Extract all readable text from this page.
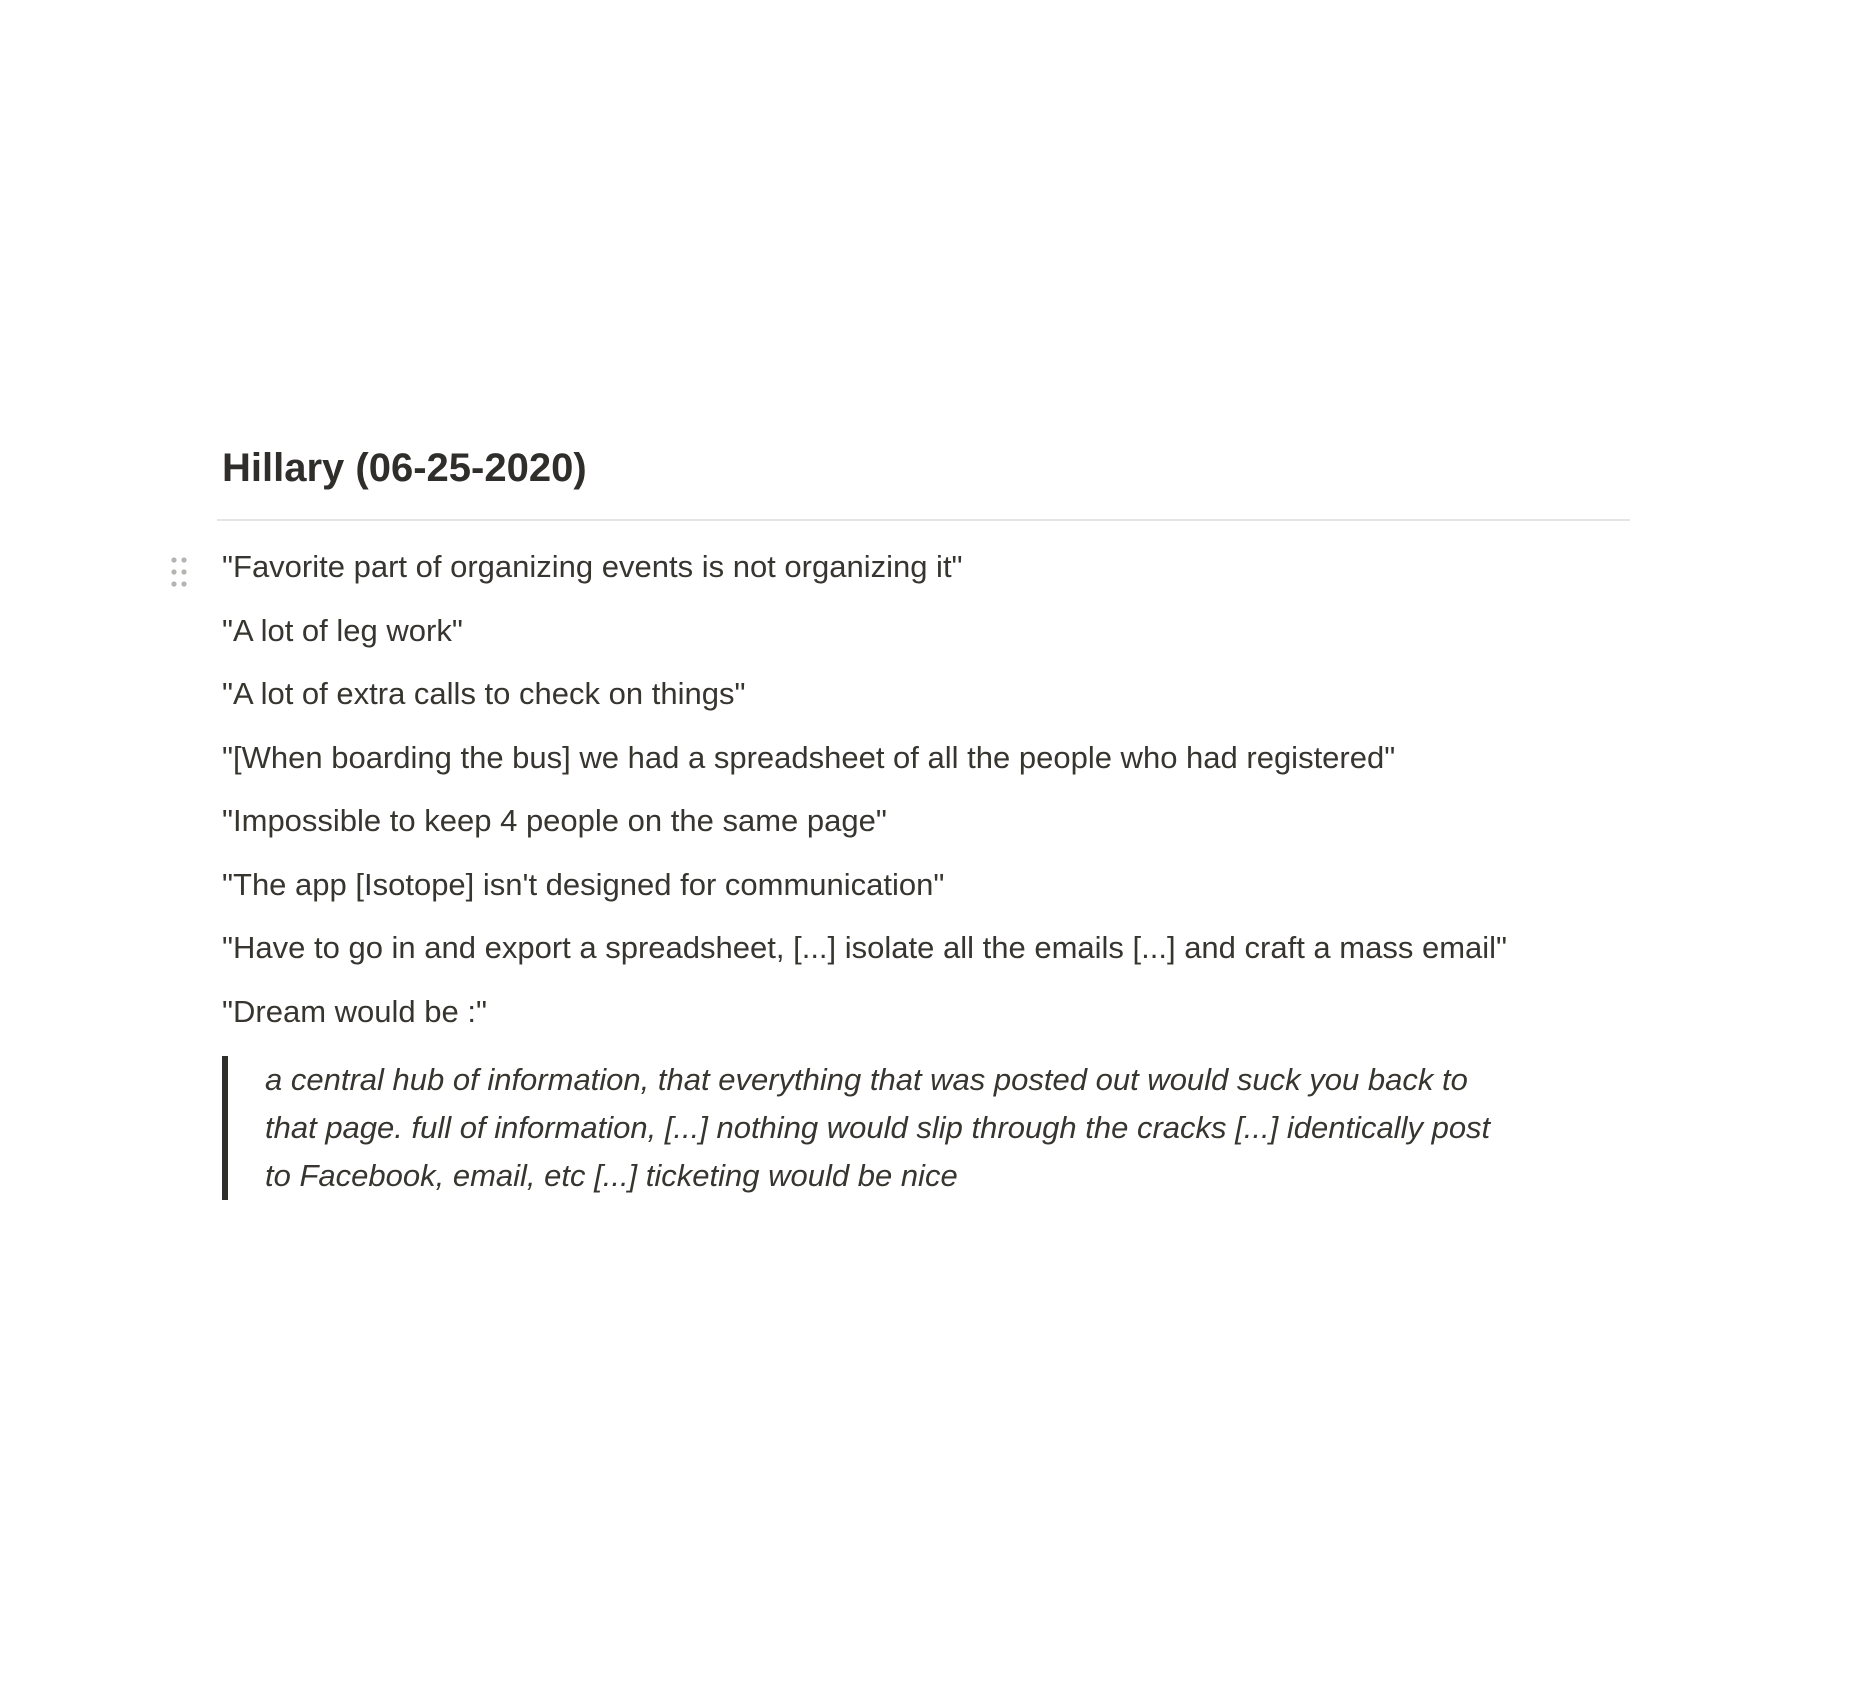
Hillary (06-25-2020)
"Favorite part of organizing events is not organizing it"
"A lot of leg work"
"A lot of extra calls to check on things"
"[When boarding the bus] we had a spreadsheet of all the people who had registered"
"Impossible to keep 4 people on the same page"
"The app [Isotope] isn't designed for communication"
"Have to go in and export a spreadsheet, [...] isolate all the emails [...] and craft a mass email"
"Dream would be :"
a central hub of information, that everything that was posted out would suck you back to
that page. full of information, [...] nothing would slip through the cracks [...] identically post
to Facebook, email, etc [...] ticketing would be nice
